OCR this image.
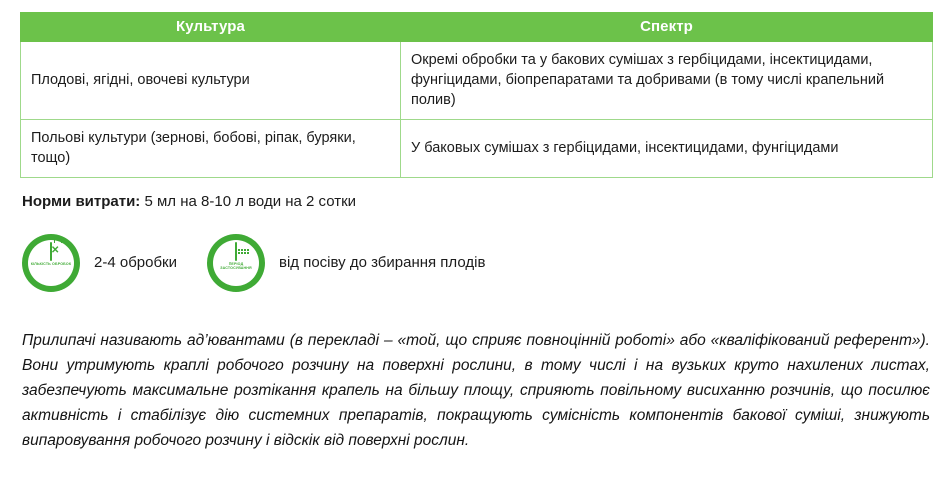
Культура	Спектр
Плодові, ягідні, овочеві культури	Окремі обробки та у бакових сумішах з гербіцидами, інсектицидами, фунгіцидами, біопрепаратами та добривами (в тому числі крапельний полив)
Польові культури (зернові, бобові, ріпак, буряки, тощо)	У баковых сумішах з гербіцидами, інсектицидами, фунгіцидами

Норми витрати: 5 мл на 8-10 л води на 2 сотки

✕
КІЛЬКІСТЬ ОБРОБОК 2-4 обробки	ПЕРІОД ЗАСТОСУВАННЯ	від посіву до збирання плодів

Прилипачі називають ад’ювантами (в перекладі – «той, що сприяє повноцінній роботі» або «кваліфікований референт»). Вони утримують краплі робочого розчину на поверхні рослини, в тому числі і на вузьких круто нахилених листах, забезпечують максимальне розтікання крапель на більшу площу, сприяють повільному висиханню розчинів, що посилює активність і стабілізує дію системних препаратів, покращують сумісність компонентів бакової суміші, знижують випаровування робочого розчину і відскік від поверхні рослин.
